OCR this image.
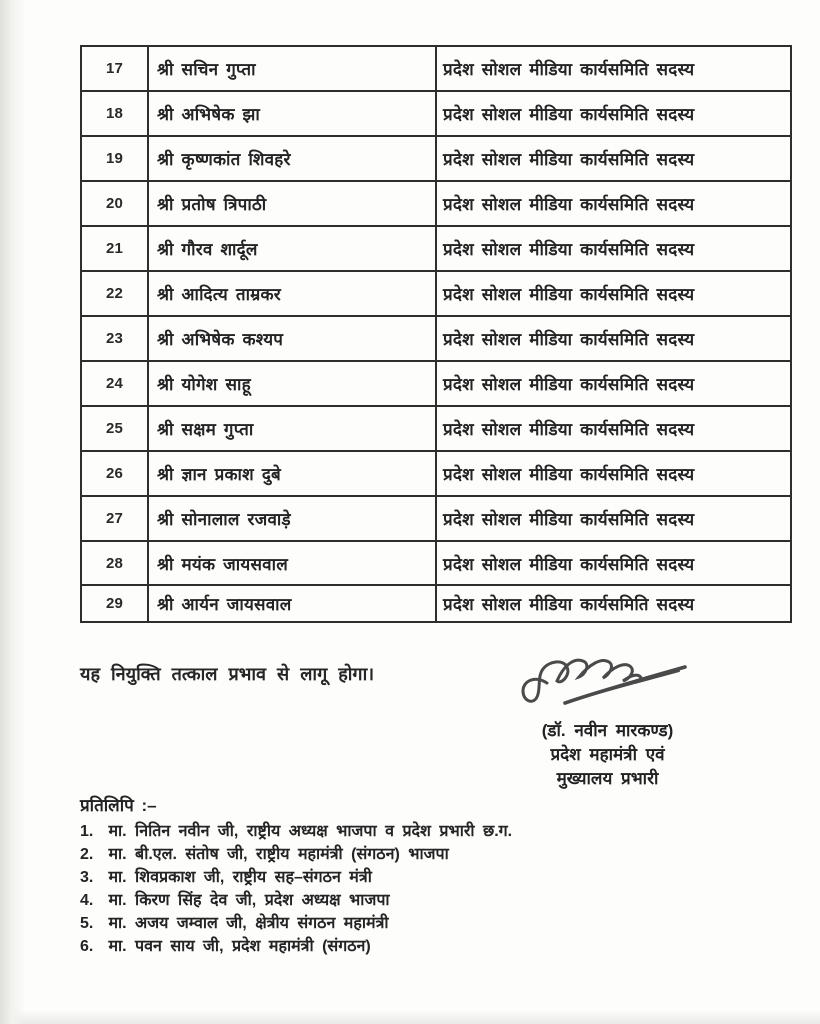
17	श्री सचिन गुप्ता	प्रदेश सोशल मीडिया कार्यसमिति सदस्य
18	श्री अभिषेक झा	प्रदेश सोशल मीडिया कार्यसमिति सदस्य
19	श्री कृष्णकांत शिवहरे	प्रदेश सोशल मीडिया कार्यसमिति सदस्य
20	श्री प्रतोष त्रिपाठी	प्रदेश सोशल मीडिया कार्यसमिति सदस्य
21	श्री गौरव शार्दूल	प्रदेश सोशल मीडिया कार्यसमिति सदस्य
22	श्री आदित्य ताम्रकर	प्रदेश सोशल मीडिया कार्यसमिति सदस्य
23	श्री अभिषेक कश्यप	प्रदेश सोशल मीडिया कार्यसमिति सदस्य
24	श्री योगेश साहू	प्रदेश सोशल मीडिया कार्यसमिति सदस्य
25	श्री सक्षम गुप्ता	प्रदेश सोशल मीडिया कार्यसमिति सदस्य
26	श्री ज्ञान प्रकाश दुबे	प्रदेश सोशल मीडिया कार्यसमिति सदस्य
27	श्री सोनालाल रजवाड़े	प्रदेश सोशल मीडिया कार्यसमिति सदस्य
28	श्री मयंक जायसवाल	प्रदेश सोशल मीडिया कार्यसमिति सदस्य
29	श्री आर्यन जायसवाल	प्रदेश सोशल मीडिया कार्यसमिति सदस्य
यह नियुक्ति तत्काल प्रभाव से लागू होगा।
(डॉ. नवीन मारकण्ड)
प्रदेश महामंत्री एवं
मुख्यालय प्रभारी
प्रतिलिपि :–
1. मा. नितिन नवीन जी, राष्ट्रीय अध्यक्ष भाजपा व प्रदेश प्रभारी छ.ग.
2. मा. बी.एल. संतोष जी, राष्ट्रीय महामंत्री (संगठन) भाजपा
3. मा. शिवप्रकाश जी, राष्ट्रीय सह–संगठन मंत्री
4. मा. किरण सिंह देव जी, प्रदेश अध्यक्ष भाजपा
5. मा. अजय जम्वाल जी, क्षेत्रीय संगठन महामंत्री
6. मा. पवन साय जी, प्रदेश महामंत्री (संगठन)
